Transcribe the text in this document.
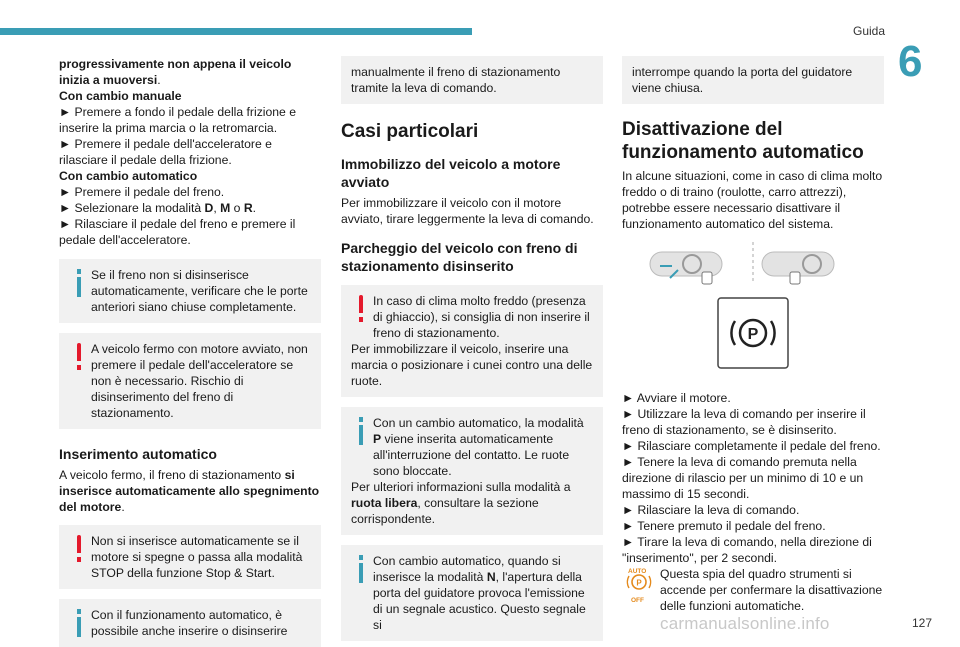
Guida
6

progressivamente non appena il veicolo inizia a muoversi.

Con cambio manuale

► Premere a fondo il pedale della frizione e inserire la prima marcia o la retromarcia.

► Premere il pedale dell'acceleratore e rilasciare il pedale della frizione.

Con cambio automatico

► Premere il pedale del freno.

► Selezionare la modalità D, M o R.

► Rilasciare il pedale del freno e premere il pedale dell'acceleratore.

Se il freno non si disinserisce automaticamente, verificare che le porte anteriori siano chiuse completamente.

A veicolo fermo con motore avviato, non premere il pedale dell'acceleratore se non è necessario. Rischio di disinserimento del freno di stazionamento.

Inserimento automatico

A veicolo fermo, il freno di stazionamento si inserisce automaticamente allo spegnimento del motore.

Non si inserisce automaticamente se il motore si spegne o passa alla modalità STOP della funzione Stop & Start.

Con il funzionamento automatico, è possibile anche inserire o disinserire

manualmente il freno di stazionamento tramite la leva di comando.

Casi particolari
Immobilizzo del veicolo a motore avviato

Per immobilizzare il veicolo con il motore avviato, tirare leggermente la leva di comando.

Parcheggio del veicolo con freno di stazionamento disinserito

In caso di clima molto freddo (presenza di ghiaccio), si consiglia di non inserire il freno di stazionamento.

Per immobilizzare il veicolo, inserire una marcia o posizionare i cunei contro una delle ruote.

Con un cambio automatico, la modalità P viene inserita automaticamente all'interruzione del contatto. Le ruote sono bloccate.

Per ulteriori informazioni sulla modalità a ruota libera, consultare la sezione corrispondente.

Con cambio automatico, quando si inserisce la modalità N, l'apertura della porta del guidatore provoca l'emissione di un segnale acustico. Questo segnale si

interrompe quando la porta del guidatore viene chiusa.

Disattivazione del funzionamento automatico

In alcune situazioni, come in caso di clima molto freddo o di traino (roulotte, carro attrezzi), potrebbe essere necessario disattivare il funzionamento automatico del sistema.

P

► Avviare il motore.

► Utilizzare la leva di comando per inserire il freno di stazionamento, se è disinserito.

► Rilasciare completamente il pedale del freno.

► Tenere la leva di comando premuta nella direzione di rilascio per un minimo di 10 e un massimo di 15 secondi.

► Rilasciare la leva di comando.

► Tenere premuto il pedale del freno.

► Tirare la leva di comando, nella direzione di "inserimento", per 2 secondi.

P
AUTO
OFF

Questa spia del quadro strumenti si accende per confermare la disattivazione delle funzioni automatiche.

carmanualsonline.info	127
